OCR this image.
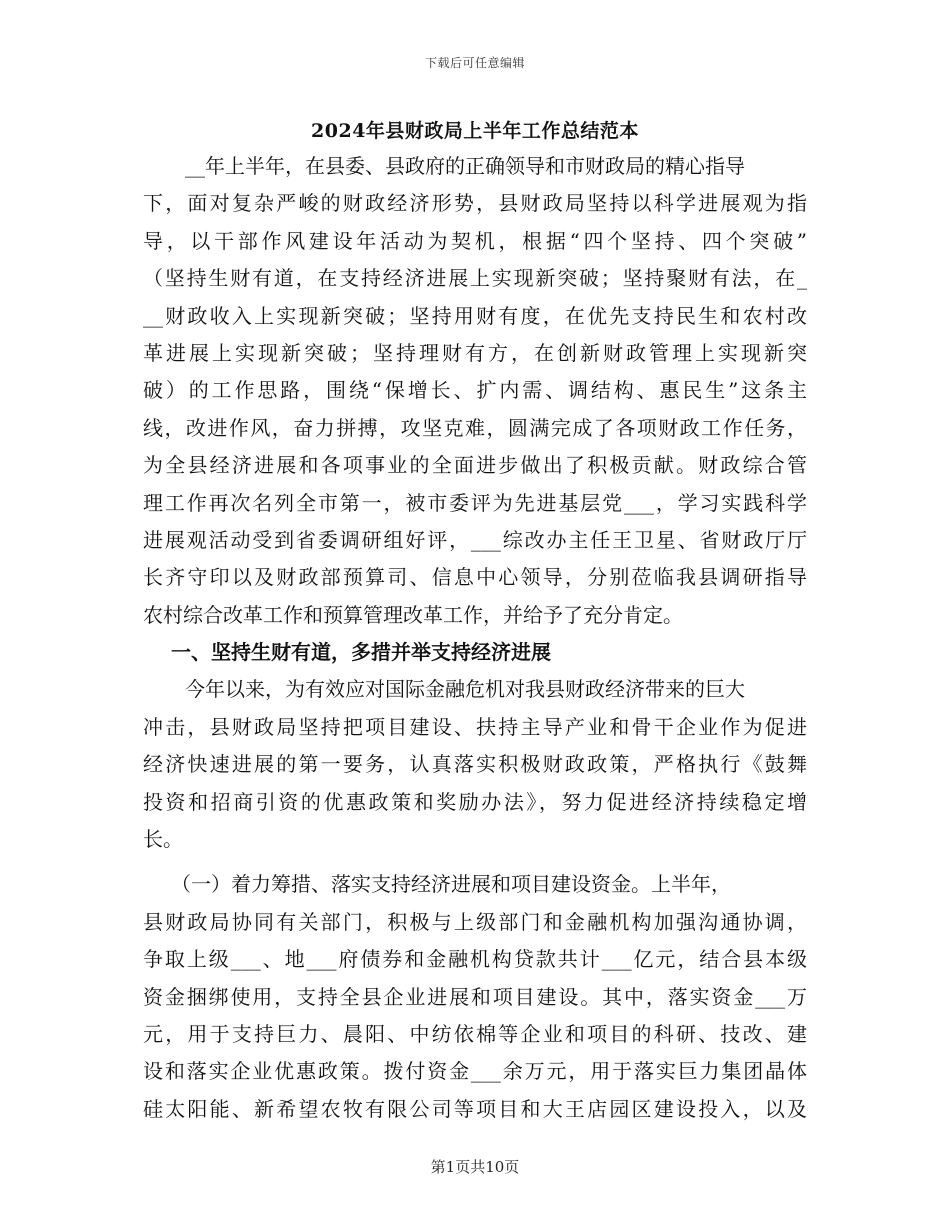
下载后可任意编辑
2024年县财政局上半年工作总结范本
__年上半年，在县委、县政府的正确领导和市财政局的精心指导
下，面对复杂严峻的财政经济形势，县财政局坚持以科学进展观为指
导，以干部作风建设年活动为契机，根据“四个坚持、四个突破”
（坚持生财有道，在支持经济进展上实现新突破；坚持聚财有法，在_
__财政收入上实现新突破；坚持用财有度，在优先支持民生和农村改
革进展上实现新突破；坚持理财有方，在创新财政管理上实现新突
破）的工作思路，围绕“保增长、扩内需、调结构、惠民生”这条主
线，改进作风，奋力拼搏，攻坚克难，圆满完成了各项财政工作任务，
为全县经济进展和各项事业的全面进步做出了积极贡献。财政综合管
理工作再次名列全市第一，被市委评为先进基层党___，学习实践科学
进展观活动受到省委调研组好评，___综改办主任王卫星、省财政厅厅
长齐守印以及财政部预算司、信息中心领导，分别莅临我县调研指导
农村综合改革工作和预算管理改革工作，并给予了充分肯定。
一、坚持生财有道，多措并举支持经济进展
今年以来，为有效应对国际金融危机对我县财政经济带来的巨大
冲击，县财政局坚持把项目建设、扶持主导产业和骨干企业作为促进
经济快速进展的第一要务，认真落实积极财政政策，严格执行《鼓舞
投资和招商引资的优惠政策和奖励办法》，努力促进经济持续稳定增
长。
（一）着力筹措、落实支持经济进展和项目建设资金。上半年，
县财政局协同有关部门，积极与上级部门和金融机构加强沟通协调，
争取上级___、地___府债券和金融机构贷款共计___亿元，结合县本级
资金捆绑使用，支持全县企业进展和项目建设。其中，落实资金___万
元，用于支持巨力、晨阳、中纺依棉等企业和项目的科研、技改、建
设和落实企业优惠政策。拨付资金___余万元，用于落实巨力集团晶体
硅太阳能、新希望农牧有限公司等项目和大王店园区建设投入，以及
第1页共10页
